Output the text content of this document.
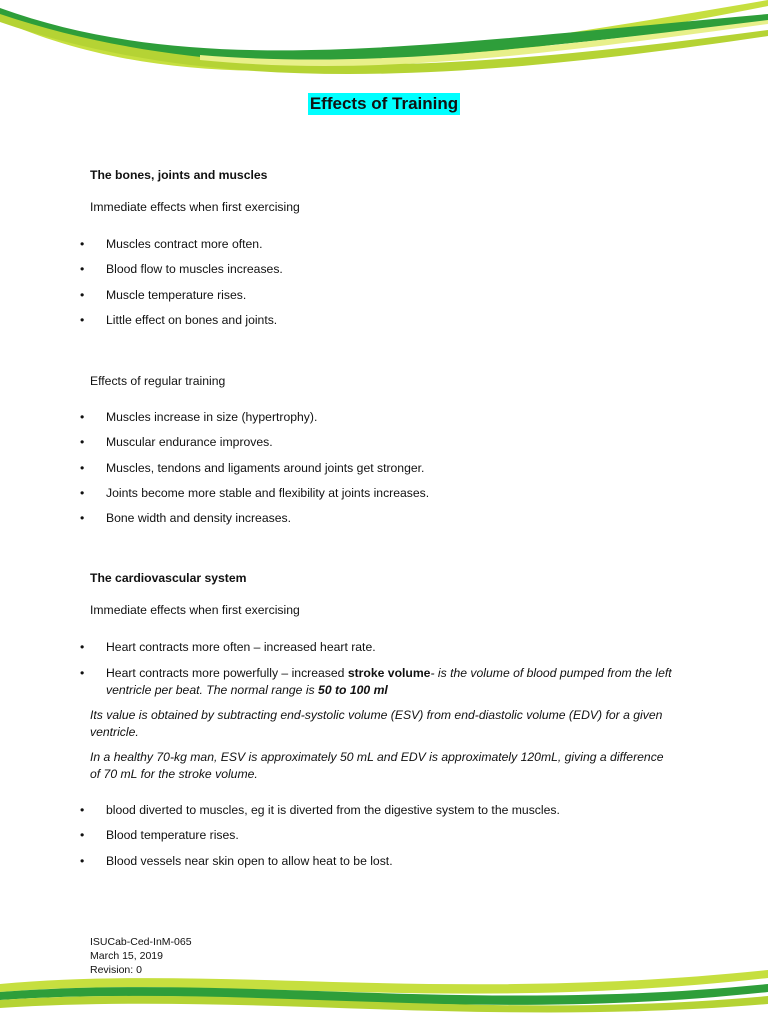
Effects of Training
The bones, joints and muscles
Immediate effects when first exercising
• Muscles contract more often.
• Blood flow to muscles increases.
• Muscle temperature rises.
• Little effect on bones and joints.
Effects of regular training
• Muscles increase in size (hypertrophy).
• Muscular endurance improves.
• Muscles, tendons and ligaments around joints get stronger.
• Joints become more stable and flexibility at joints increases.
• Bone width and density increases.
The cardiovascular system
Immediate effects when first exercising
• Heart contracts more often – increased heart rate.
• Heart contracts more powerfully – increased stroke volume- is the volume of blood pumped from the left ventricle per beat. The normal range is 50 to 100 ml
Its value is obtained by subtracting end-systolic volume (ESV) from end-diastolic volume (EDV) for a given ventricle.
In a healthy 70-kg man, ESV is approximately 50 mL and EDV is approximately 120mL, giving a difference of 70 mL for the stroke volume.
• blood diverted to muscles, eg it is diverted from the digestive system to the muscles.
• Blood temperature rises.
• Blood vessels near skin open to allow heat to be lost.
ISUCab-Ced-InM-065
March 15, 2019
Revision: 0
